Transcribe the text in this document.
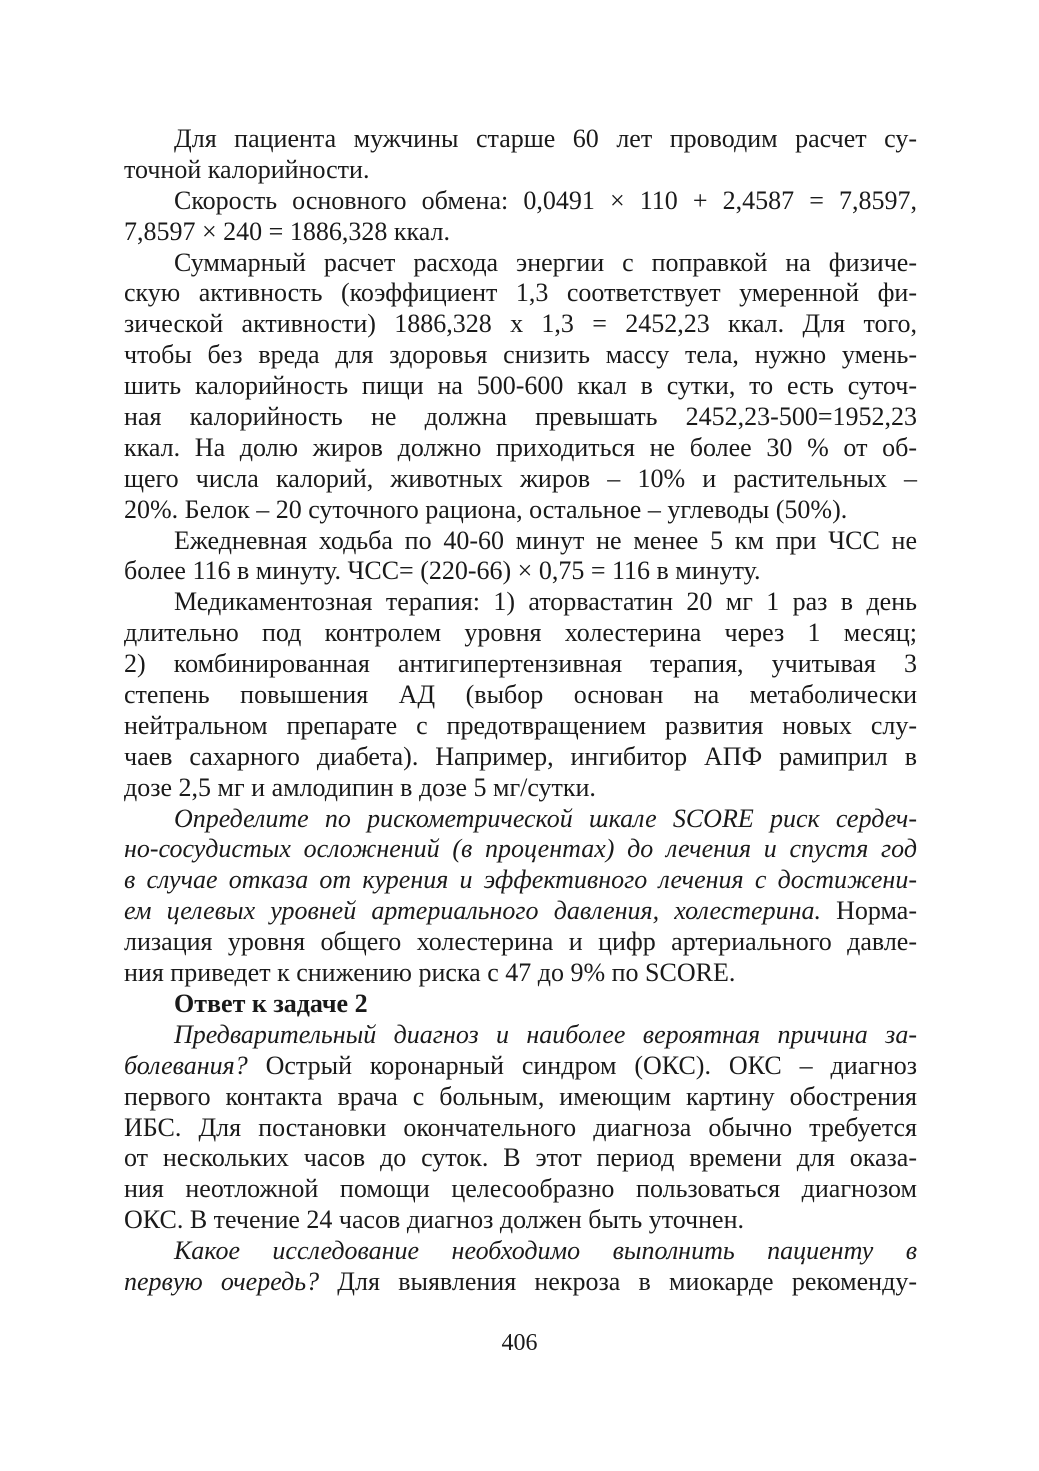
Для пациента мужчины старше 60 лет проводим расчет су-
точной калорийности.
Скорость основного обмена: 0,0491 × 110 + 2,4587 = 7,8597,
7,8597 × 240 = 1886,328 ккал.
Суммарный расчет расхода энергии с поправкой на физиче-
скую активность (коэффициент 1,3 соответствует умеренной фи-
зической активности) 1886,328 х 1,3 = 2452,23 ккал. Для того,
чтобы без вреда для здоровья снизить массу тела, нужно умень-
шить калорийность пищи на 500-600 ккал в сутки, то есть суточ-
ная калорийность не должна превышать 2452,23-500=1952,23
ккал. На долю жиров должно приходиться не более 30 % от об-
щего числа калорий, животных жиров – 10% и растительных –
20%. Белок – 20 суточного рациона, остальное – углеводы (50%).
Ежедневная ходьба по 40-60 минут не менее 5 км при ЧСС не
более 116 в минуту. ЧСС= (220-66) × 0,75 = 116 в минуту.
Медикаментозная терапия: 1) аторвастатин 20 мг 1 раз в день
длительно под контролем уровня холестерина через 1 месяц;
2) комбинированная антигипертензивная терапия, учитывая 3
степень повышения АД (выбор основан на метаболически
нейтральном препарате с предотвращением развития новых слу-
чаев сахарного диабета). Например, ингибитор АПФ рамиприл в
дозе 2,5 мг и амлодипин в дозе 5 мг/сутки.
Определите по рискометрической шкале SCORE риск сердеч-
но-сосудистых осложнений (в процентах) до лечения и спустя год
в случае отказа от курения и эффективного лечения с достижени-
ем целевых уровней артериального давления, холестерина. Норма-
лизация уровня общего холестерина и цифр артериального давле-
ния приведет к снижению риска с 47 до 9% по SCORE.
Ответ к задаче 2
Предварительный диагноз и наиболее вероятная причина за-
болевания? Острый коронарный синдром (ОКС). ОКС – диагноз
первого контакта врача с больным, имеющим картину обострения
ИБС. Для постановки окончательного диагноза обычно требуется
от нескольких часов до суток. В этот период времени для оказа-
ния неотложной помощи целесообразно пользоваться диагнозом
ОКС. В течение 24 часов диагноз должен быть уточнен.
Какое исследование необходимо выполнить пациенту в
первую очередь? Для выявления некроза в миокарде рекоменду-
406
